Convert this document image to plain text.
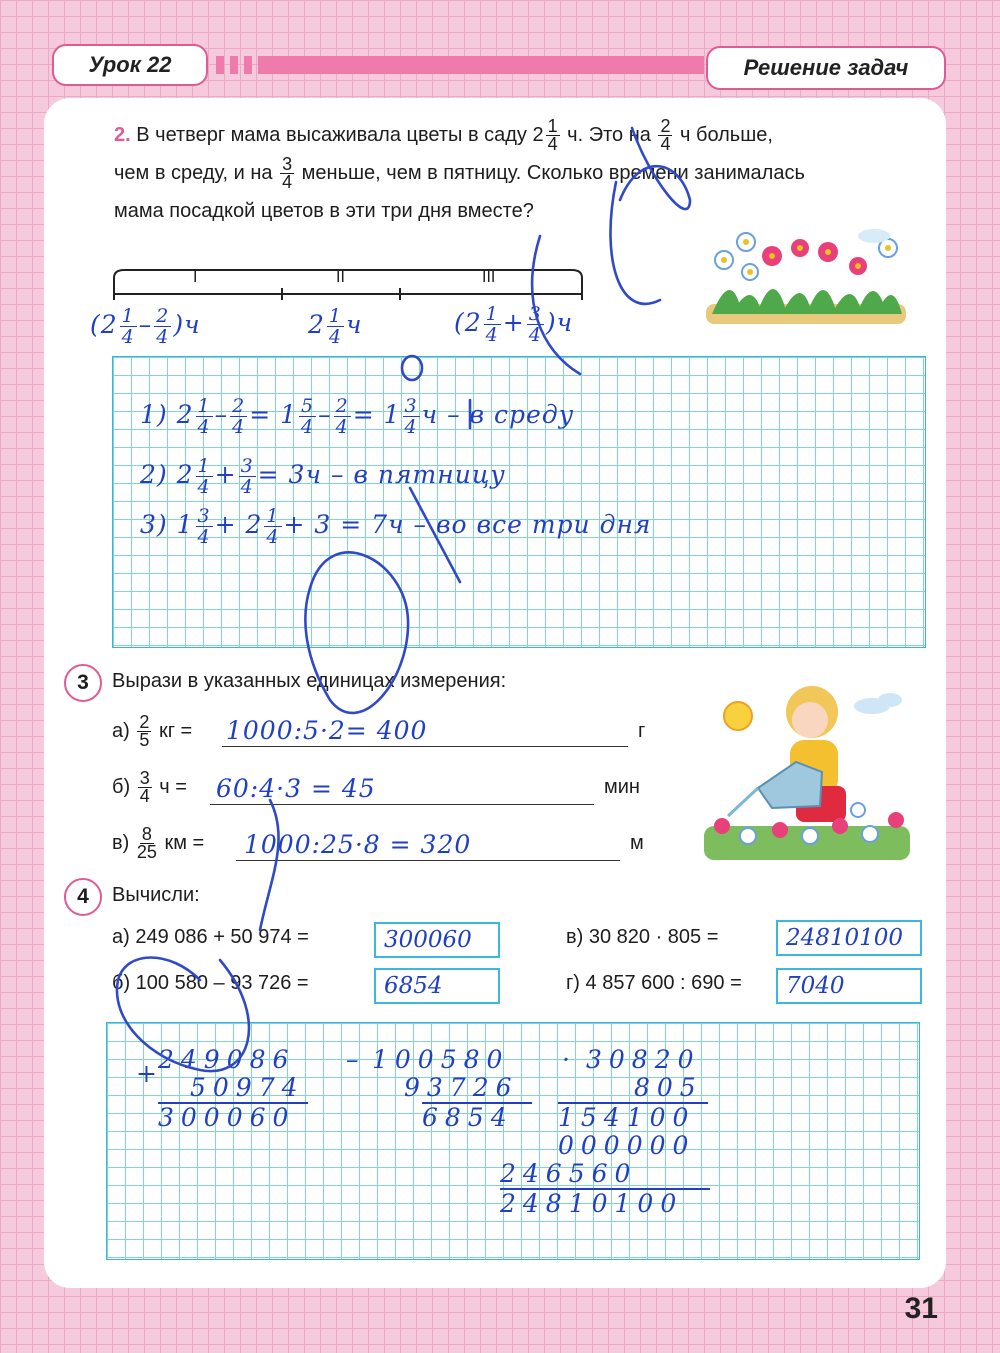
Урок 22	Решение задач
2. В четверг мама высаживала цветы в саду $2 \frac{1}{4} ч$. Это на $\frac{2}{4}$ ч больше,
чем в среду, и на $\frac{3}{4}$ меньше, чем в пятницу. Сколько времени занималась
мама посадкой цветов в эти три дня вместе?
I	II	III
$(2 \frac{1}{4} - \frac{2}{4} )ч$	$2 \frac{1}{4}$ ч	$(2 \frac{1}{4} + \frac{3}{4} )ч$
1) $2 \frac{1}{4} - \frac{2}{4} = 1 \frac{5}{4} - \frac{2}{4} = 1 \frac{3}{4}$ ч – в среду
2) $2 \frac{1}{4} + \frac{3}{4} = 3ч - в$ пятницу
3) $1 \frac{3}{4} + 2 \frac{1}{4} + 3 = 7ч$ – во все три дня
3	Вырази в указанных единицах измерения:
$а) \frac{2}{5}$ кг = 1000:5·2= 400	г
$б) \frac{3}{4}$ ч = 60:4·3 = 45	мин
$в) \frac{8}{25}$ км = 1000:25·8 = 320	м
4	Вычисли:
а) 249 086 + 50 974 =	300060
б) 100 580 – 93 726 =	6854
в) 30 820 · 805 =	24810100
г) 4 857 600 : 690 = 7040
+ 249086
50974
300060
– 100580
93726
6854
· 30820
805
154100
000000
246560
24810100
31
